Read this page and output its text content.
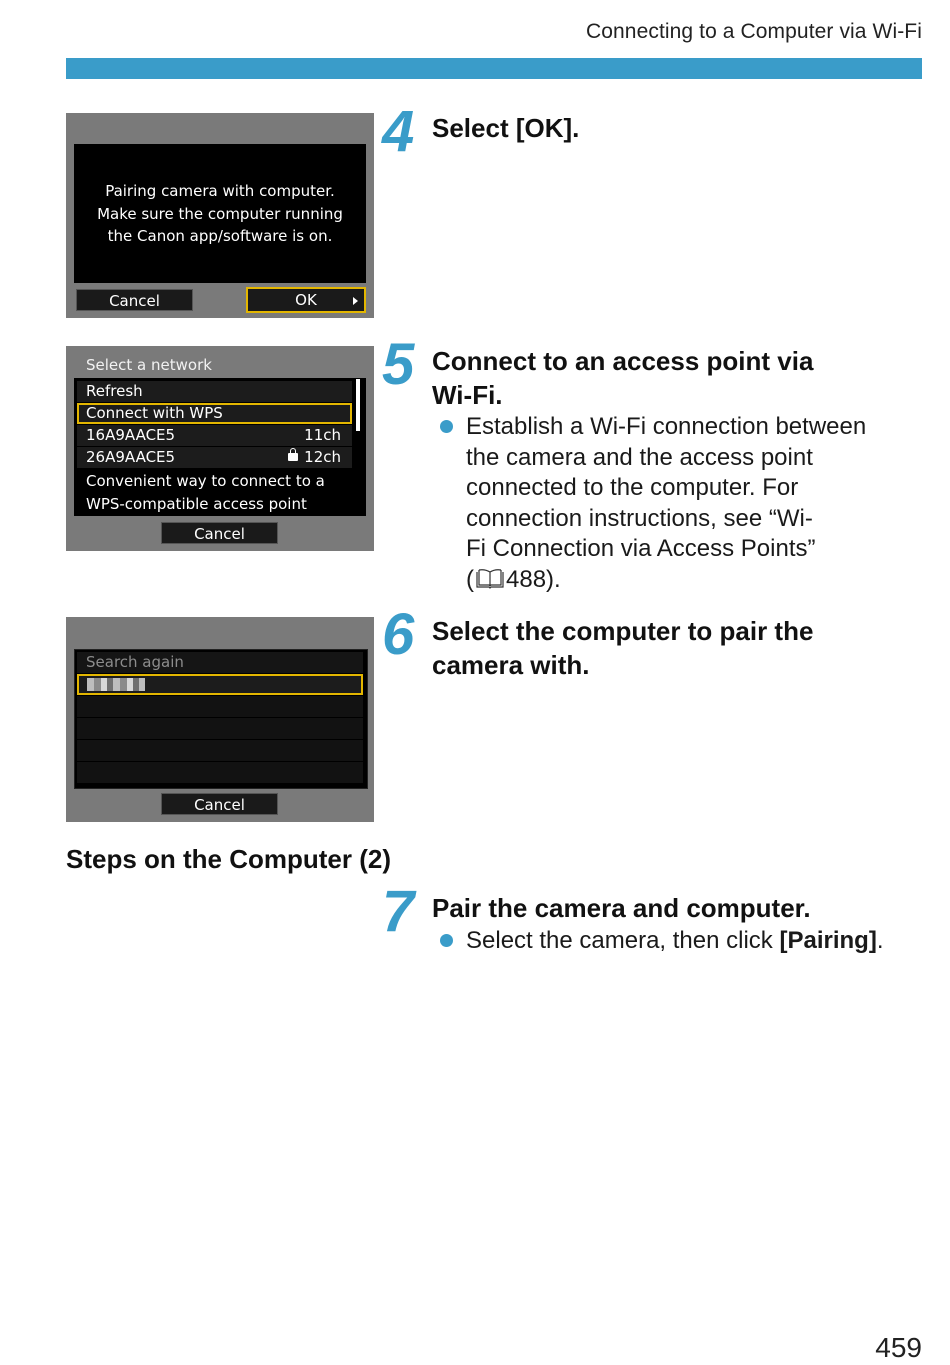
Connecting to a Computer via Wi-Fi
Pairing camera with computer.
Make sure the computer running
the Canon app/software is on.
Cancel	OK
Select a network
Refresh
Connect with WPS
16A9AACE5	11ch
26A9AACE5	12ch
Convenient way to connect to a
WPS-compatible access point
Cancel
Search again
Cancel
4 Select [OK].
5 Connect to an access point via
Wi-Fi.
Establish a Wi-Fi connection between
the camera and the access point
connected to the computer. For
connection instructions, see “Wi-
Fi Connection via Access Points”
( 488).
6 Select the computer to pair the
camera with.
Steps on the Computer (2)
7 Pair the camera and computer.
Select the camera, then click [Pairing].
459
